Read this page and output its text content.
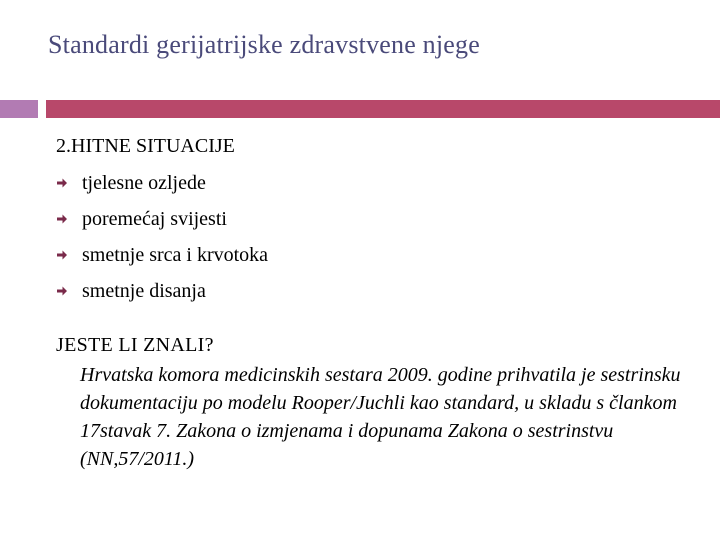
Standardi gerijatrijske zdravstvene njege
2.HITNE SITUACIJE
tjelesne ozljede
poremećaj svijesti
smetnje srca i krvotoka
smetnje disanja
JESTE LI ZNALI?
Hrvatska komora medicinskih sestara 2009. godine prihvatila je sestrinsku dokumentaciju po modelu Rooper/Juchli kao standard, u skladu s člankom 17stavak 7. Zakona o izmjenama i dopunama Zakona o sestrinstvu (NN,57/2011.)
